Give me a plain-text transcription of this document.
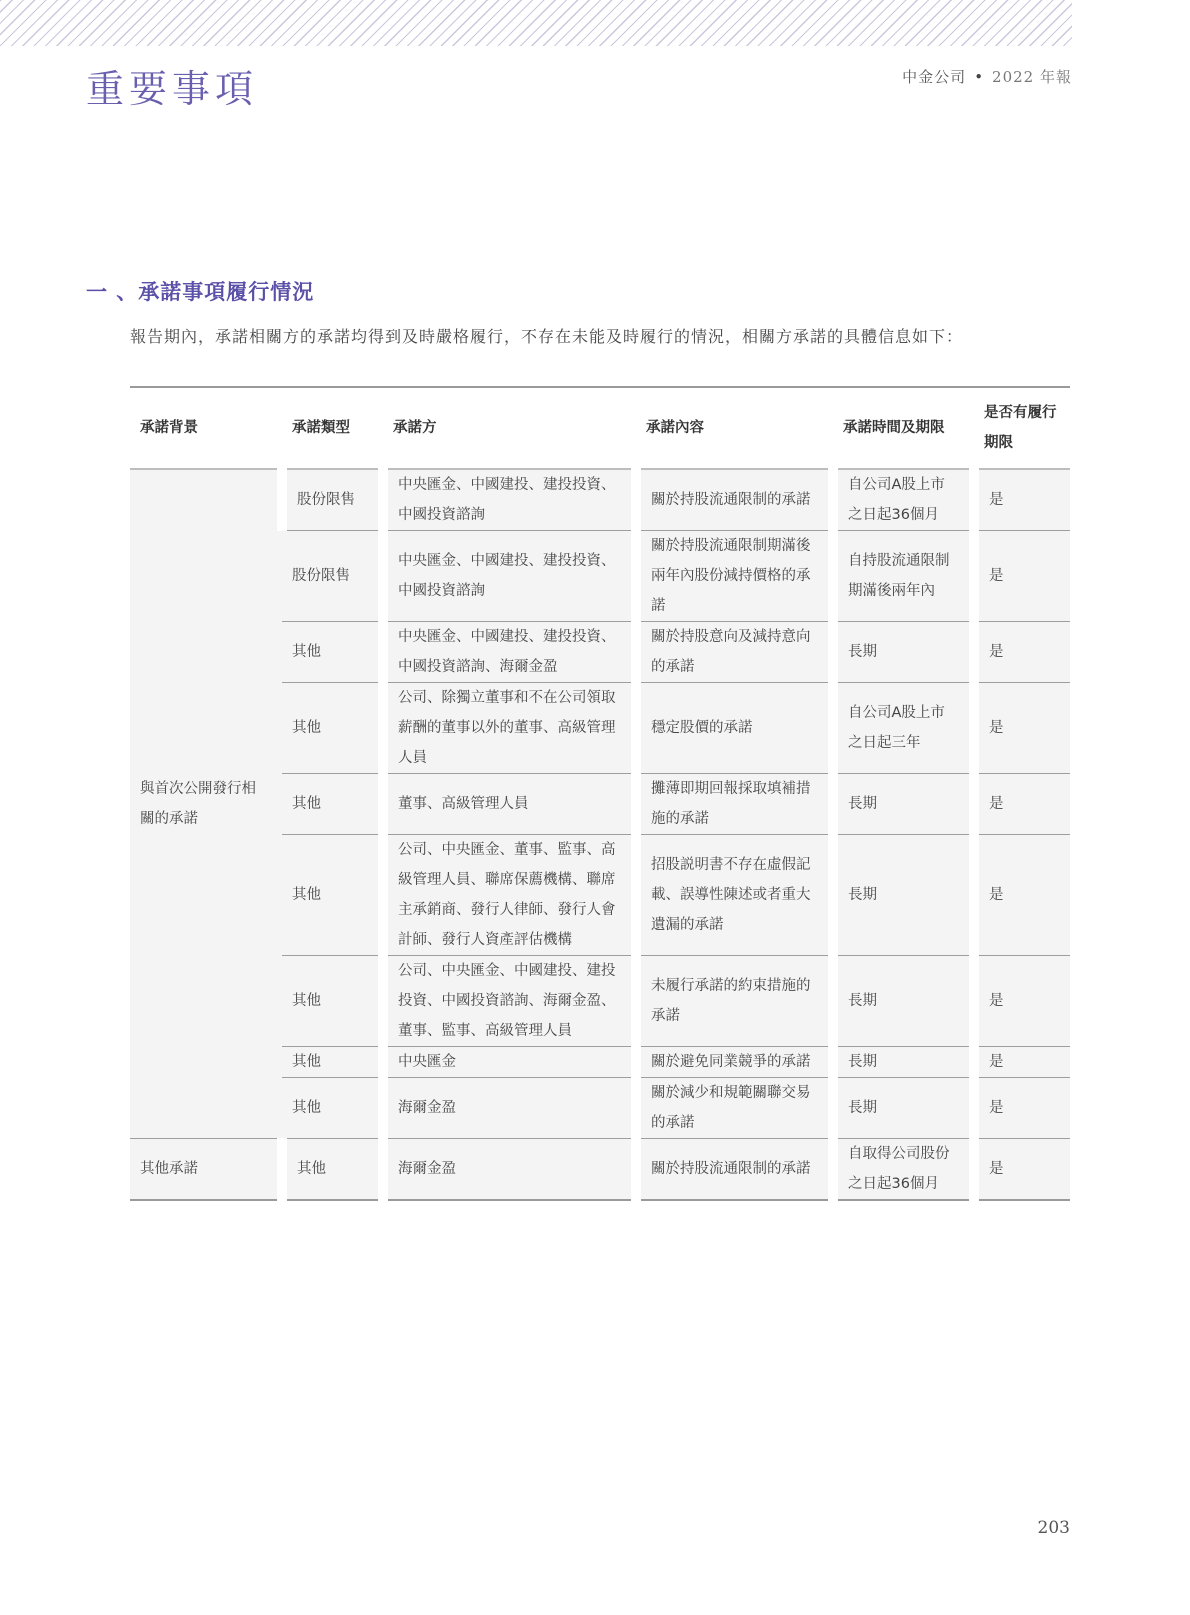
重要事項	中金公司 • 2022 年報
一 、承諾事項履行情況
報告期內，承諾相關方的承諾均得到及時嚴格履行，不存在未能及時履行的情況，相關方承諾的具體信息如下：
承諾背景	承諾類型	承諾方	承諾內容	承諾時間及期限	是否有履行期限
與首次公開發行相關的承諾	股份限售	中央匯金、中國建投、建投投資、中國投資諮詢	關於持股流通限制的承諾	自公司A股上市之日起36個月	是
	股份限售	中央匯金、中國建投、建投投資、中國投資諮詢	關於持股流通限制期滿後兩年內股份減持價格的承諾	自持股流通限制期滿後兩年內	是
	其他	中央匯金、中國建投、建投投資、中國投資諮詢、海爾金盈	關於持股意向及減持意向的承諾	長期	是
	其他	公司、除獨立董事和不在公司領取薪酬的董事以外的董事、高級管理人員	穩定股價的承諾	自公司A股上市之日起三年	是
	其他	董事、高級管理人員	攤薄即期回報採取填補措施的承諾	長期	是
	其他	公司、中央匯金、董事、監事、高級管理人員、聯席保薦機構、聯席主承銷商、發行人律師、發行人會計師、發行人資產評估機構	招股説明書不存在虛假記載、誤導性陳述或者重大遺漏的承諾	長期	是
	其他	公司、中央匯金、中國建投、建投投資、中國投資諮詢、海爾金盈、董事、監事、高級管理人員	未履行承諾的約束措施的承諾	長期	是
	其他	中央匯金	關於避免同業競爭的承諾	長期	是
	其他	海爾金盈	關於減少和規範關聯交易的承諾	長期	是
其他承諾	其他	海爾金盈	關於持股流通限制的承諾	自取得公司股份之日起36個月	是
203
